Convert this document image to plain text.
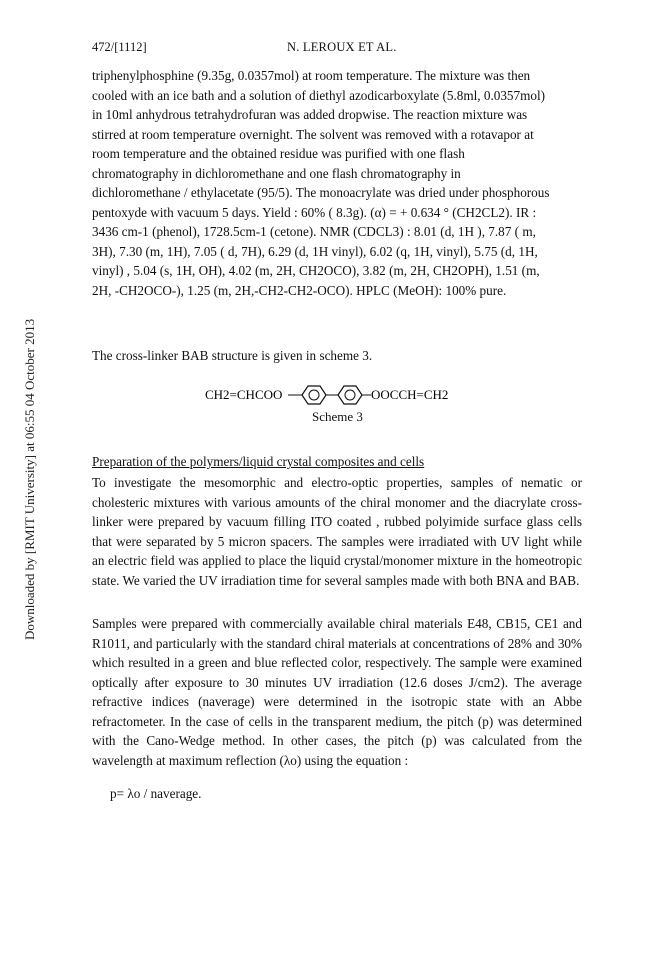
Downloaded by [RMIT University] at 06:55 04 October 2013
472/[1112]	N. LEROUX ET AL.
triphenylphosphine (9.35g, 0.0357mol) at room temperature. The mixture was then
cooled with an ice bath and a solution of diethyl azodicarboxylate (5.8ml, 0.0357mol)
in 10ml anhydrous tetrahydrofuran was added dropwise. The reaction mixture was
stirred at room temperature overnight. The solvent was removed with a rotavapor at
room temperature and the obtained residue was purified with one flash
chromatography in dichloromethane and one flash chromatography in
dichloromethane / ethylacetate (95/5). The monoacrylate was dried under phosphorous
pentoxyde with vacuum 5 days. Yield : 60% ( 8.3g). (α) = + 0.634 ° (CH2CL2). IR :
3436 cm-1 (phenol), 1728.5cm-1 (cetone). NMR (CDCL3) : 8.01 (d, 1H ), 7.87 ( m,
3H), 7.30 (m, 1H), 7.05 ( d, 7H), 6.29 (d, 1H vinyl), 6.02 (q, 1H, vinyl), 5.75 (d, 1H,
vinyl) , 5.04 (s, 1H, OH), 4.02 (m, 2H, CH2OCO), 3.82 (m, 2H, CH2OPH), 1.51 (m,
2H, -CH2OCO-), 1.25 (m, 2H,-CH2-CH2-OCO). HPLC (MeOH): 100% pure.
The cross-linker BAB structure is given in scheme 3.
CH2=CHCOO	OOCCH=CH2
Scheme 3
Preparation of the polymers/liquid crystal composites and cells
To investigate the mesomorphic and electro-optic properties, samples of nematic or cholesteric mixtures with various amounts of the chiral monomer and the diacrylate cross-linker were prepared by vacuum filling ITO coated , rubbed polyimide surface glass cells that were separated by 5 micron spacers. The samples were irradiated with UV light while an electric field was applied to place the liquid crystal/monomer mixture in the homeotropic state. We varied the UV irradiation time for several samples made with both BNA and BAB.
Samples were prepared with commercially available chiral materials E48, CB15, CE1 and R1011, and particularly with the standard chiral materials at concentrations of 28% and 30% which resulted in a green and blue reflected color, respectively. The sample were examined optically after exposure to 30 minutes UV irradiation (12.6 doses J/cm2). The average refractive indices (naverage) were determined in the isotropic state with an Abbe refractometer. In the case of cells in the transparent medium, the pitch (p) was determined with the Cano-Wedge method. In other cases, the pitch (p) was calculated from the wavelength at maximum reflection (λo) using the equation :
p= λo / naverage.
